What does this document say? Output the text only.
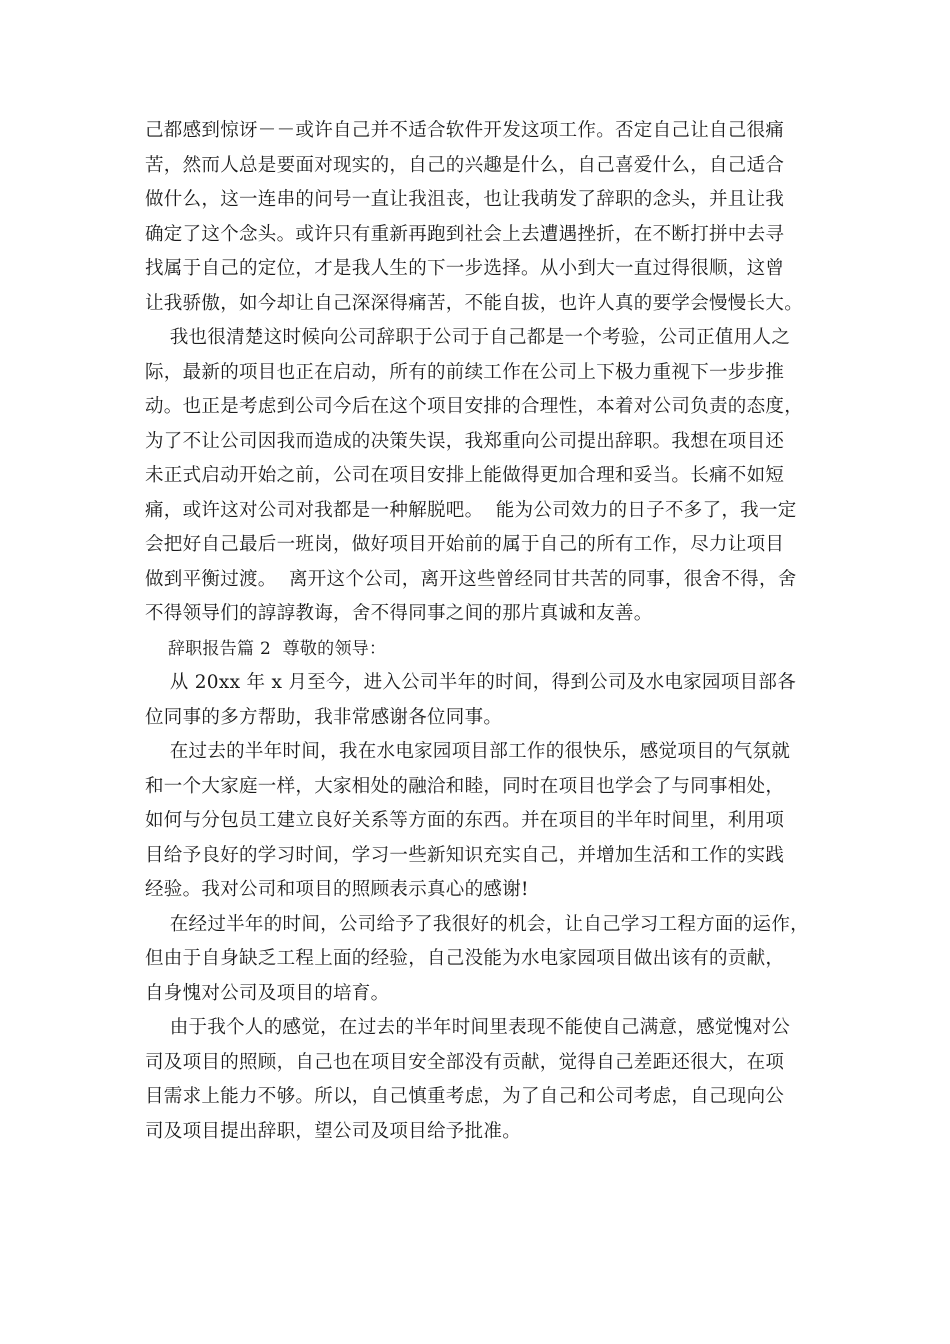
己都感到惊讶－－或许自己并不适合软件开发这项工作。否定自己让自己很痛
苦，然而人总是要面对现实的，自己的兴趣是什么，自己喜爱什么，自己适合
做什么，这一连串的问号一直让我沮丧，也让我萌发了辞职的念头，并且让我
确定了这个念头。或许只有重新再跑到社会上去遭遇挫折，在不断打拼中去寻
找属于自己的定位，才是我人生的下一步选择。从小到大一直过得很顺，这曾
让我骄傲，如今却让自己深深得痛苦，不能自拔，也许人真的要学会慢慢长大。
我也很清楚这时候向公司辞职于公司于自己都是一个考验，公司正值用人之
际，最新的项目也正在启动，所有的前续工作在公司上下极力重视下一步步推
动。也正是考虑到公司今后在这个项目安排的合理性，本着对公司负责的态度，
为了不让公司因我而造成的决策失误，我郑重向公司提出辞职。我想在项目还
未正式启动开始之前，公司在项目安排上能做得更加合理和妥当。长痛不如短
痛，或许这对公司对我都是一种解脱吧。  能为公司效力的日子不多了，我一定
会把好自己最后一班岗，做好项目开始前的属于自己的所有工作，尽力让项目
做到平衡过渡。  离开这个公司，离开这些曾经同甘共苦的同事，很舍不得，舍
不得领导们的諄諄教诲，舍不得同事之间的那片真诚和友善。
辞职报告篇 2  尊敬的领导：
从 20xx 年 x 月至今，进入公司半年的时间，得到公司及水电家园项目部各
位同事的多方帮助，我非常感谢各位同事。
在过去的半年时间，我在水电家园项目部工作的很快乐，感觉项目的气氛就
和一个大家庭一样，大家相处的融洽和睦，同时在项目也学会了与同事相处，
如何与分包员工建立良好关系等方面的东西。并在项目的半年时间里，利用项
目给予良好的学习时间，学习一些新知识充实自己，并增加生活和工作的实践
经验。我对公司和项目的照顾表示真心的感谢!
在经过半年的时间，公司给予了我很好的机会，让自己学习工程方面的运作，
但由于自身缺乏工程上面的经验，自己没能为水电家园项目做出该有的贡献，
自身愧对公司及项目的培育。
由于我个人的感觉，在过去的半年时间里表现不能使自己满意，感觉愧对公
司及项目的照顾，自己也在项目安全部没有贡献，觉得自己差距还很大，在项
目需求上能力不够。所以，自己慎重考虑，为了自己和公司考虑，自己现向公
司及项目提出辞职，望公司及项目给予批准。
